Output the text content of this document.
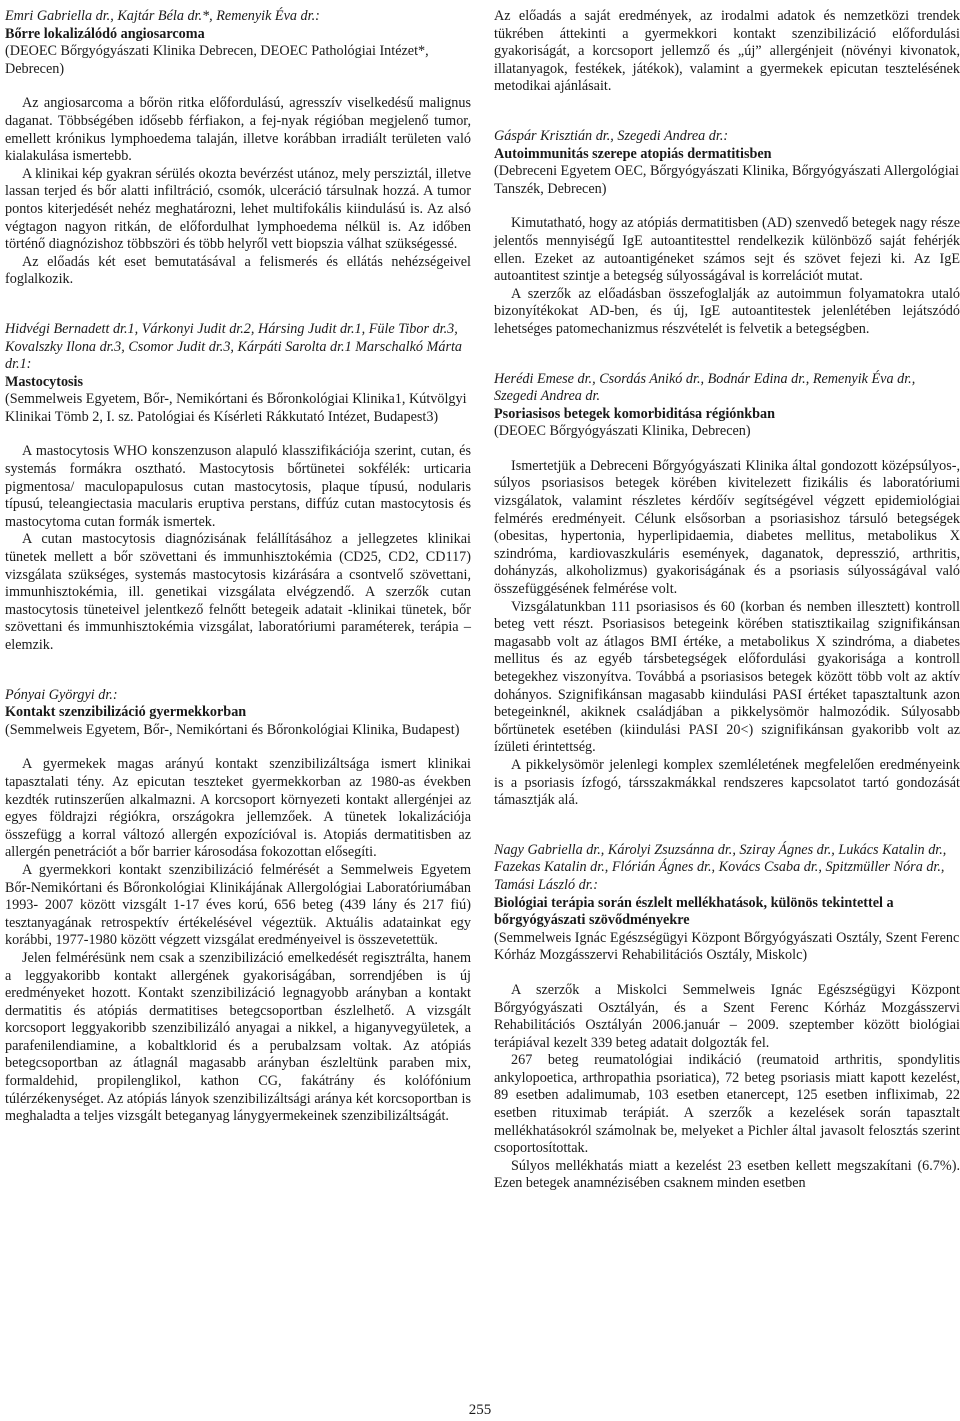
Emri Gabriella dr., Kajtár Béla dr.*, Remenyik Éva dr.:

Bőrre lokalizálódó angiosarcoma

(DEOEC Bőrgyógyászati Klinika Debrecen, DEOEC Pathológiai Intézet*, Debrecen)

Az angiosarcoma a bőrön ritka előfordulású, agresszív viselkedésű malignus daganat. Többségében idősebb férfiakon, a fej-nyak régióban megjelenő tumor, emellett krónikus lymphoedema talaján, illetve korábban irradiált területen való kialakulása ismertebb.

A klinikai kép gyakran sérülés okozta bevérzést utánoz, mely persziztál, illetve lassan terjed és bőr alatti infiltráció, csomók, ulceráció társulnak hozzá. A tumor pontos kiterjedését nehéz meghatározni, lehet multifokális kiindulású is. Az alsó végtagon nagyon ritkán, de előfordulhat lymphoedema nélkül is. Az időben történő diagnózishoz többszöri és több helyről vett biopszia válhat szükségessé.

Az előadás két eset bemutatásával a felismerés és ellátás nehézségeivel foglalkozik.

Hidvégi Bernadett dr.1, Várkonyi Judit dr.2, Hársing Judit dr.1, Füle Tibor dr.3, Kovalszky Ilona dr.3, Csomor Judit dr.3, Kárpáti Sarolta dr.1 Marschalkó Márta dr.1:

Mastocytosis

(Semmelweis Egyetem, Bőr-, Nemikórtani és Bőronkológiai Klinika1, Kútvölgyi Klinikai Tömb 2, I. sz. Patológiai és Kísérleti Rákkutató Intézet, Budapest3)

A mastocytosis WHO konszenzuson alapuló klasszifikációja szerint, cutan, és systemás formákra osztható. Mastocytosis bőrtünetei sokfélék: urticaria pigmentosa/ maculopapulosus cutan mastocytosis, plaque típusú, nodularis típusú, teleangiectasia macularis eruptiva perstans, diffúz cutan mastocytosis és mastocytoma cutan formák ismertek.

A cutan mastocytosis diagnózisának felállításához a jellegzetes klinikai tünetek mellett a bőr szövettani és immunhisztokémia (CD25, CD2, CD117) vizsgálata szükséges, systemás mastocytosis kizárására a csontvelő szövettani, immunhisztokémia, ill. genetikai vizsgálata elvégzendő. A szerzők cutan mastocytosis tüneteivel jelentkező felnőtt betegeik adatait -klinikai tünetek, bőr szövettani és immunhisztokémia vizsgálat, laboratóriumi paraméterek, terápia – elemzik.

Pónyai Györgyi dr.:

Kontakt szenzibilizáció gyermekkorban

(Semmelweis Egyetem, Bőr-, Nemikórtani és Bőronkológiai Klinika, Budapest)

A gyermekek magas arányú kontakt szenzibilizáltsága ismert klinikai tapasztalati tény. Az epicutan teszteket gyermekkorban az 1980-as években kezdték rutinszerűen alkalmazni. A korcsoport környezeti kontakt allergénjei az egyes földrajzi régiókra, országokra jellemzőek. A tünetek lokalizációja összefügg a korral változó allergén expozícióval is. Atopiás dermatitisben az allergén penetrációt a bőr barrier károsodása fokozottan elősegíti.

A gyermekkori kontakt szenzibilizáció felmérését a Semmelweis Egyetem Bőr-Nemikórtani és Bőronkológiai Klinikájának Allergológiai Laboratóriumában 1993- 2007 között vizsgált 1-17 éves korú, 656 beteg (439 lány és 217 fiú) tesztanyagának retrospektív értékelésével végeztük. Aktuális adatainkat egy korábbi, 1977-1980 között végzett vizsgálat eredményeivel is összevetettük.

Jelen felmérésünk nem csak a szenzibilizáció emelkedését regisztrálta, hanem a leggyakoribb kontakt allergének gyakoriságában, sorrendjében is új eredményeket hozott. Kontakt szenzibilizáció legnagyobb arányban a kontakt dermatitis és atópiás dermatitises betegcsoportban észlelhető. A vizsgált korcsoport leggyakoribb szenzibilizáló anyagai a nikkel, a higanyvegyületek, a parafenilendiamine, a kobaltklorid és a perubalzsam voltak. Az atópiás betegcsoportban az átlagnál magasabb arányban észleltünk paraben mix, formaldehid, propilenglikol, kathon CG, fakátrány és kolófónium túlérzékenységet. Az atópiás lányok szenzibilizáltsági aránya két korcsoportban is meghaladta a teljes vizsgált beteganyag lánygyermekeinek szenzibilizáltságát.

Az előadás a saját eredmények, az irodalmi adatok és nemzetközi trendek tükrében áttekinti a gyermekkori kontakt szenzibilizáció előfordulási gyakoriságát, a korcsoport jellemző és „új” allergénjeit (növényi kivonatok, illatanyagok, festékek, játékok), valamint a gyermekek epicutan tesztelésének metodikai ajánlásait.

Gáspár Krisztián dr., Szegedi Andrea dr.:

Autoimmunitás szerepe atopiás dermatitisben

(Debreceni Egyetem OEC, Bőrgyógyászati Klinika, Bőrgyógyászati Allergológiai Tanszék, Debrecen)

Kimutatható, hogy az atópiás dermatitisben (AD) szenvedő betegek nagy része jelentős mennyiségű IgE autoantitesttel rendelkezik különböző saját fehérjék ellen. Ezeket az autoantigéneket számos sejt és szövet fejezi ki. Az IgE autoantitest szintje a betegség súlyosságával is korrelációt mutat.

A szerzők az előadásban összefoglalják az autoimmun folyamatokra utaló bizonyítékokat AD-ben, és új, IgE autoantitestek jelenlétében lejátszódó lehetséges patomechanizmus részvételét is felvetik a betegségben.

Herédi Emese dr., Csordás Anikó dr., Bodnár Edina dr., Remenyik Éva dr., Szegedi Andrea dr.

Psoriasisos betegek komorbiditása régiónkban

(DEOEC Bőrgyógyászati Klinika, Debrecen)

Ismertetjük a Debreceni Bőrgyógyászati Klinika által gondozott középsúlyos-, súlyos psoriasisos betegek körében kivitelezett fizikális és laboratóriumi vizsgálatok, valamint részletes kérdőív segítségével végzett epidemiológiai felmérés eredményeit. Célunk elsősorban a psoriasishoz társuló betegségek (obesitas, hypertonia, hyperlipidaemia, diabetes mellitus, metabolikus X szindróma, kardiovaszkuláris események, daganatok, depresszió, arthritis, dohányzás, alkoholizmus) gyakoriságának és a psoriasis súlyosságával való összefüggésének felmérése volt.

Vizsgálatunkban 111 psoriasisos és 60 (korban és nemben illesztett) kontroll beteg vett részt. Psoriasisos betegeink körében statisztikailag szignifikánsan magasabb volt az átlagos BMI értéke, a metabolikus X szindróma, a diabetes mellitus és az egyéb társbetegségek előfordulási gyakorisága a kontroll betegekhez viszonyítva. Továbbá a psoriasisos betegek között több volt az aktív dohányos. Szignifikánsan magasabb kiindulási PASI értéket tapasztaltunk azon betegeinknél, akiknek családjában a pikkelysömör halmozódik. Súlyosabb bőrtünetek esetében (kiindulási PASI 20<) szignifikánsan gyakoribb volt az ízületi érintettség.

A pikkelysömör jelenlegi komplex szemléletének megfelelően eredményeink is a psoriasis ízfogó, társszakmákkal rendszeres kapcsolatot tartó gondozását támasztják alá.

Nagy Gabriella dr., Károlyi Zsuzsánna dr., Sziray Ágnes dr., Lukács Katalin dr., Fazekas Katalin dr., Flórián Ágnes dr., Kovács Csaba dr., Spitzmüller Nóra dr., Tamási László dr.:

Biológiai terápia során észlelt mellékhatások, különös tekintettel a bőrgyógyászati szövődményekre

(Semmelweis Ignác Egészségügyi Központ Bőrgyógyászati Osztály, Szent Ferenc Kórház Mozgásszervi Rehabilitációs Osztály, Miskolc)

A szerzők a Miskolci Semmelweis Ignác Egészségügyi Központ Bőrgyógyászati Osztályán, és a Szent Ferenc Kórház Mozgásszervi Rehabilitációs Osztályán 2006.január – 2009. szeptember között biológiai terápiával kezelt 339 beteg adatait dolgozták fel.

267 beteg reumatológiai indikáció (reumatoid arthritis, spondylitis ankylopoetica, arthropathia psoriatica), 72 beteg psoriasis miatt kapott kezelést, 89 esetben adalimumab, 103 esetben etanercept, 125 esetben infliximab, 22 esetben rituximab terápiát. A szerzők a kezelések során tapasztalt mellékhatásokról számolnak be, melyeket a Pichler által javasolt felosztás szerint csoportosítottak.

Súlyos mellékhatás miatt a kezelést 23 esetben kellett megszakítani (6.7%). Ezen betegek anamnézisében csaknem minden esetben

255
